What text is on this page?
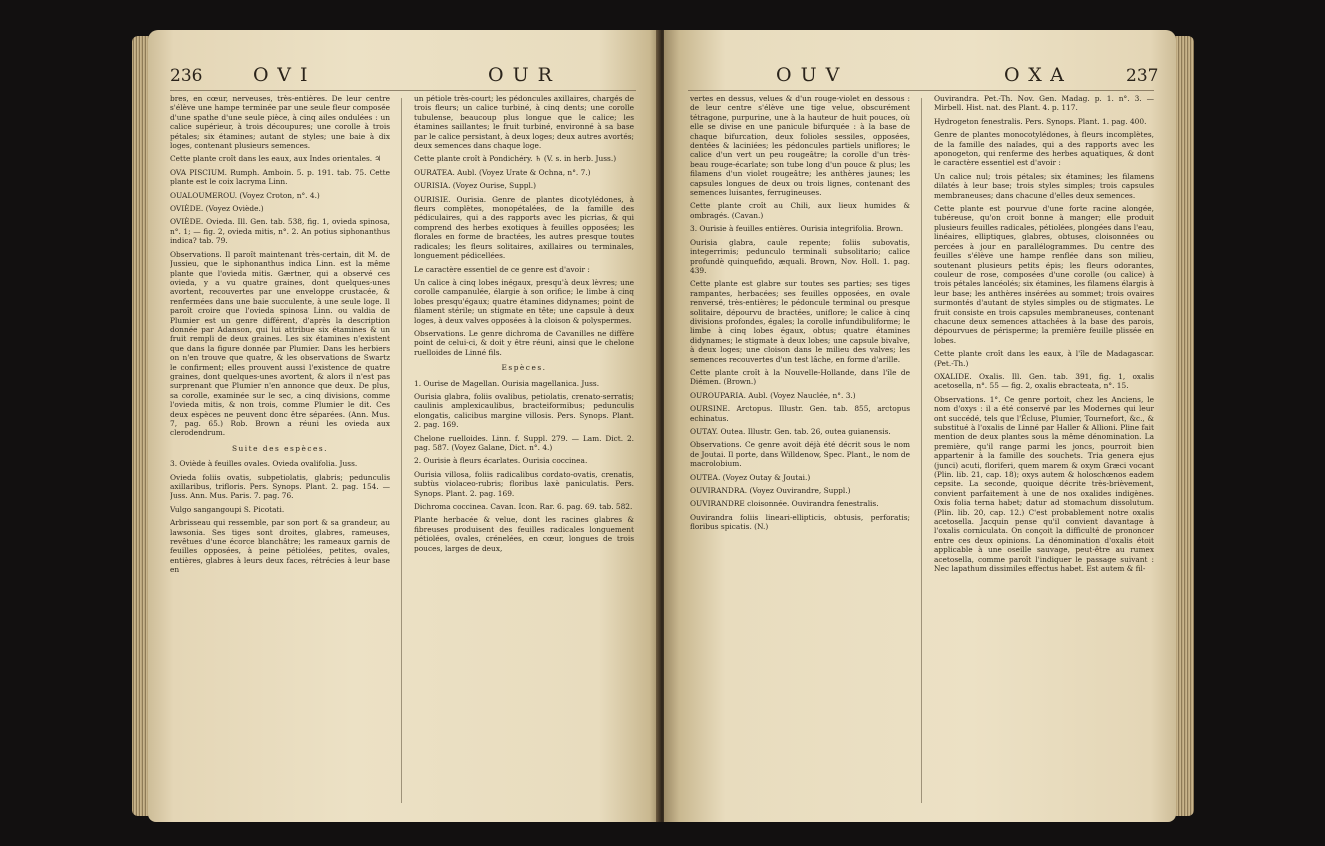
236	OVI	OUR

bres, en cœur, nerveuses, très-entières. De leur centre s'élève une hampe terminée par une seule fleur composée d'une spathe d'une seule pièce, à cinq ailes ondulées : un calice supérieur, à trois découpures; une corolle à trois pétales; six étamines; autant de styles; une baie à dix loges, contenant plusieurs semences.

Cette plante croît dans les eaux, aux Indes orientales. ♃

OVA PISCIUM. Rumph. Amboin. 5. p. 191. tab. 75. Cette plante est le coix lacryma Linn.

OUALOUMEROU. (Voyez Croton, n°. 4.)

OVIÈDE. (Voyez Oviède.)

OVIÈDE. Ovieda. Ill. Gen. tab. 538, fig. 1, ovieda spinosa, n°. 1; — fig. 2, ovieda mitis, n°. 2. An potius siphonanthus indica? tab. 79.

Observations. Il paroît maintenant très-certain, dit M. de Jussieu, que le siphonanthus indica Linn. est la même plante que l'ovieda mitis. Gærtner, qui a observé ces ovieda, y a vu quatre graines, dont quelques-unes avortent, recouvertes par une enveloppe crustacée, & renfermées dans une baie succulente, à une seule loge. Il paroît croire que l'ovieda spinosa Linn. ou valdia de Plumier est un genre différent, d'après la description donnée par Adanson, qui lui attribue six étamines & un fruit rempli de deux graines. Les six étamines n'existent que dans la figure donnée par Plumier. Dans les herbiers on n'en trouve que quatre, & les observations de Swartz le confirment; elles prouvent aussi l'existence de quatre graines, dont quelques-unes avortent, & alors il n'est pas surprenant que Plumier n'en annonce que deux. De plus, sa corolle, examinée sur le sec, a cinq divisions, comme l'ovieda mitis, & non trois, comme Plumier le dit. Ces deux espèces ne peuvent donc être séparées. (Ann. Mus. 7, pag. 65.) Rob. Brown a réuni les ovieda aux clerodendrum.

Suite des espèces.

3. Oviède à feuilles ovales. Ovieda ovalifolia. Juss.

Ovieda foliis ovatis, subpetiolatis, glabris; pedunculis axillaribus, trifloris. Pers. Synops. Plant. 2. pag. 154. — Juss. Ann. Mus. Paris. 7. pag. 76.

Vulgo sangangoupi S. Picotati.

Arbrisseau qui ressemble, par son port & sa grandeur, au lawsonia. Ses tiges sont droites, glabres, rameuses, revêtues d'une écorce blanchâtre; les rameaux garnis de feuilles opposées, à peine pétiolées, petites, ovales, entières, glabres à leurs deux faces, rétrécies à leur base en

un pétiole très-court; les pédoncules axillaires, chargés de trois fleurs; un calice turbiné, à cinq dents; une corolle tubulense, beaucoup plus longue que le calice; les étamines saillantes; le fruit turbiné, environné à sa base par le calice persistant, à deux loges; deux autres avortés; deux semences dans chaque loge.

Cette plante croît à Pondichéry. ♄ (V. s. in herb. Juss.)

OURATEA. Aubl. (Voyez Urate & Ochna, n°. 7.)

OURISIA. (Voyez Ourise, Suppl.)

OURISIE. Ourisia. Genre de plantes dicotylédones, à fleurs complètes, monopétalées, de la famille des pédiculaires, qui a des rapports avec les picrias, & qui comprend des herbes exotiques à feuilles opposées; les florales en forme de bractées, les autres presque toutes radicales; les fleurs solitaires, axillaires ou terminales, longuement pédicellées.

Le caractère essentiel de ce genre est d'avoir :

Un calice à cinq lobes inégaux, presqu'à deux lèvres; une corolle campanulée, élargie à son orifice; le limbe à cinq lobes presqu'égaux; quatre étamines didynames; point de filament stérile; un stigmate en tête; une capsule à deux loges, à deux valves opposées à la cloison & polyspermes.

Observations. Le genre dichroma de Cavanilles ne diffère point de celui-ci, & doit y être réuni, ainsi que le chelone ruelloides de Linné fils.

Espèces.

1. Ourise de Magellan. Ourisia magellanica. Juss.

Ourisia glabra, foliis ovalibus, petiolatis, crenato-serratis; caulinis amplexicaulibus, bracteiformibus; pedunculis elongatis, calicibus margine villosis. Pers. Synops. Plant. 2. pag. 169.

Chelone ruelloides. Linn. f. Suppl. 279. — Lam. Dict. 2. pag. 587. (Voyez Galane, Dict. n°. 4.)

2. Ourisie à fleurs écarlates. Ourisia coccinea.

Ourisia villosa, foliis radicalibus cordato-ovatis, crenatis, subtùs violaceo-rubris; floribus laxè paniculatis. Pers. Synops. Plant. 2. pag. 169.

Dichroma coccinea. Cavan. Icon. Rar. 6. pag. 69. tab. 582.

Plante herbacée & velue, dont les racines glabres & fibreuses produisent des feuilles radicales longuement pétiolées, ovales, crénelées, en cœur, longues de trois pouces, larges de deux,

OUV	OXA	237

vertes en dessus, velues & d'un rouge-violet en dessous : de leur centre s'élève une tige velue, obscurément tétragone, purpurine, une à la hauteur de huit pouces, où elle se divise en une panicule bifurquée : à la base de chaque bifurcation, deux folioles sessiles, opposées, dentées & laciniées; les pédoncules partiels uniflores; le calice d'un vert un peu rougeâtre; la corolle d'un très-beau rouge-écarlate; son tube long d'un pouce & plus; les filamens d'un violet rougeâtre; les anthères jaunes; les capsules longues de deux ou trois lignes, contenant des semences luisantes, ferrugineuses.

Cette plante croît au Chili, aux lieux humides & ombragés. (Cavan.)

3. Ourisie à feuilles entières. Ourisia integrifolia. Brown.

Ourisia glabra, caule repente; foliis subovatis, integerrimis; pedunculo terminali subsolitario; calice profundè quinquefido, æquali. Brown, Nov. Holl. 1. pag. 439.

Cette plante est glabre sur toutes ses parties; ses tiges rampantes, herbacées; ses feuilles opposées, en ovale renversé, très-entières; le pédoncule terminal ou presque solitaire, dépourvu de bractées, uniflore; le calice à cinq divisions profondes, égales; la corolle infundibuliforme; le limbe à cinq lobes égaux, obtus; quatre étamines didynames; le stigmate à deux lobes; une capsule bivalve, à deux loges; une cloison dans le milieu des valves; les semences recouvertes d'un test lâche, en forme d'arille.

Cette plante croît à la Nouvelle-Hollande, dans l'île de Diémen. (Brown.)

OUROUPARIA. Aubl. (Voyez Nauclée, n°. 3.)

OURSINE. Arctopus. Illustr. Gen. tab. 855, arctopus echinatus.

OUTAY. Outea. Illustr. Gen. tab. 26, outea guianensis.

Observations. Ce genre avoit déjà été décrit sous le nom de Joutai. Il porte, dans Willdenow, Spec. Plant., le nom de macrolobium.

OUTEA. (Voyez Outay & Joutai.)

OUVIRANDRA. (Voyez Ouvirandre, Suppl.)

OUVIRANDRE cloisonnée. Ouvirandra fenestralis.

Ouvirandra foliis lineari-ellipticis, obtusis, perforatis; floribus spicatis. (N.)

Ouvirandra. Pet.-Th. Nov. Gen. Madag. p. 1. n°. 3. — Mirbell. Hist. nat. des Plant. 4. p. 117.

Hydrogeton fenestralis. Pers. Synops. Plant. 1. pag. 400.

Genre de plantes monocotylédones, à fleurs incomplètes, de la famille des naïades, qui a des rapports avec les aponogeton, qui renferme des herbes aquatiques, & dont le caractère essentiel est d'avoir :

Un calice nul; trois pétales; six étamines; les filamens dilatés à leur base; trois styles simples; trois capsules membraneuses; dans chacune d'elles deux semences.

Cette plante est pourvue d'une forte racine alongée, tubéreuse, qu'on croit bonne à manger; elle produit plusieurs feuilles radicales, pétiolées, plongées dans l'eau, linéaires, elliptiques, glabres, obtuses, cloisonnées ou percées à jour en parallélogrammes. Du centre des feuilles s'élève une hampe renflée dans son milieu, soutenant plusieurs petits épis; les fleurs odorantes, couleur de rose, composées d'une corolle (ou calice) à trois pétales lancéolés; six étamines, les filamens élargis à leur base; les anthères insérées au sommet; trois ovaires surmontés d'autant de styles simples ou de stigmates. Le fruit consiste en trois capsules membraneuses, contenant chacune deux semences attachées à la base des parois, dépourvues de périsperme; la première feuille plissée en lobes.

Cette plante croît dans les eaux, à l'île de Madagascar. (Pet.-Th.)

OXALIDE. Oxalis. Ill. Gen. tab. 391, fig. 1, oxalis acetosella, n°. 55 — fig. 2, oxalis ebracteata, n°. 15.

Observations. 1°. Ce genre portoit, chez les Anciens, le nom d'oxys : il a été conservé par les Modernes qui leur ont succédé, tels que l'Écluse, Plumier, Tournefort, &c., & substitué à l'oxalis de Linné par Haller & Allioni. Pline fait mention de deux plantes sous la même dénomination. La première, qu'il range parmi les joncs, pourroit bien appartenir à la famille des souchets. Tria genera ejus (junci) acuti, floriferi, quem marem & oxym Græci vocant (Plin. lib. 21, cap. 18); oxys autem & holoschœnos eadem cepsite. La seconde, quoique décrite très-brièvement, convient parfaitement à une de nos oxalides indigènes. Oxis folia terna habet; datur ad stomachum dissolutum. (Plin. lib. 20, cap. 12.) C'est probablement notre oxalis acetosella. Jacquin pense qu'il convient davantage à l'oxalis corniculata. On conçoit la difficulté de prononcer entre ces deux opinions. La dénomination d'oxalis étoit applicable à une oseille sauvage, peut-être au rumex acetosella, comme paroît l'indiquer le passage suivant : Nec lapathum dissimiles effectus habet. Est autem & fil-
